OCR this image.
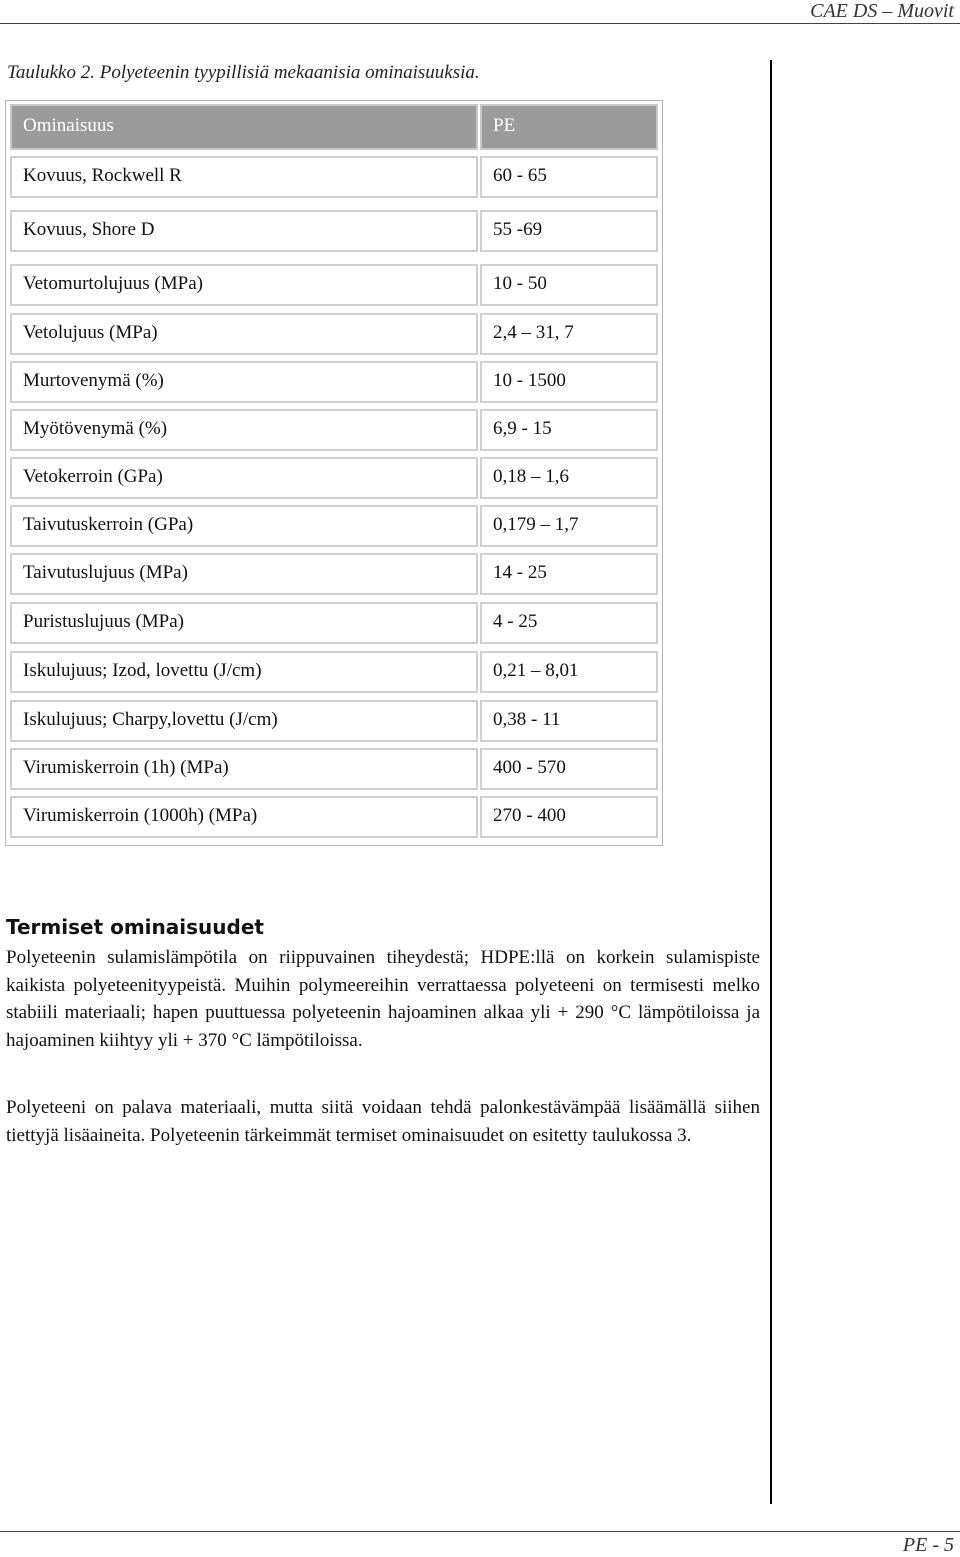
CAE DS – Muovit
Taulukko 2. Polyeteenin tyypillisiä mekaanisia ominaisuuksia.
Ominaisuus	PE
Kovuus, Rockwell R	60 - 65
Kovuus, Shore D	55 -69
Vetomurtolujuus (MPa)	10 - 50
Vetolujuus (MPa)	2,4 – 31, 7
Murtovenymä (%)	10 - 1500
Myötövenymä (%)	6,9 - 15
Vetokerroin (GPa)	0,18 – 1,6
Taivutuskerroin (GPa)	0,179 – 1,7
Taivutuslujuus (MPa)	14 - 25
Puristuslujuus (MPa)	4 - 25
Iskulujuus; Izod, lovettu (J/cm)	0,21 – 8,01
Iskulujuus; Charpy,lovettu (J/cm)	0,38 - 11
Virumiskerroin (1h) (MPa)	400 - 570
Virumiskerroin (1000h) (MPa)	270 - 400
Termiset ominaisuudet

Polyeteenin sulamislämpötila on riippuvainen tiheydestä; HDPE:llä on korkein sulamispiste kaikista polyeteenityypeistä. Muihin polymeereihin verrattaessa polyeteeni on termisesti melko stabiili materiaali; hapen puuttuessa polyeteenin hajoaminen alkaa yli + 290 °C lämpötiloissa ja hajoaminen kiihtyy yli + 370 °C lämpötiloissa.

Polyeteeni on palava materiaali, mutta siitä voidaan tehdä palonkestävämpää lisäämällä siihen tiettyjä lisäaineita. Polyeteenin tärkeimmät termiset ominaisuudet on esitetty taulukossa 3.

PE - 5
